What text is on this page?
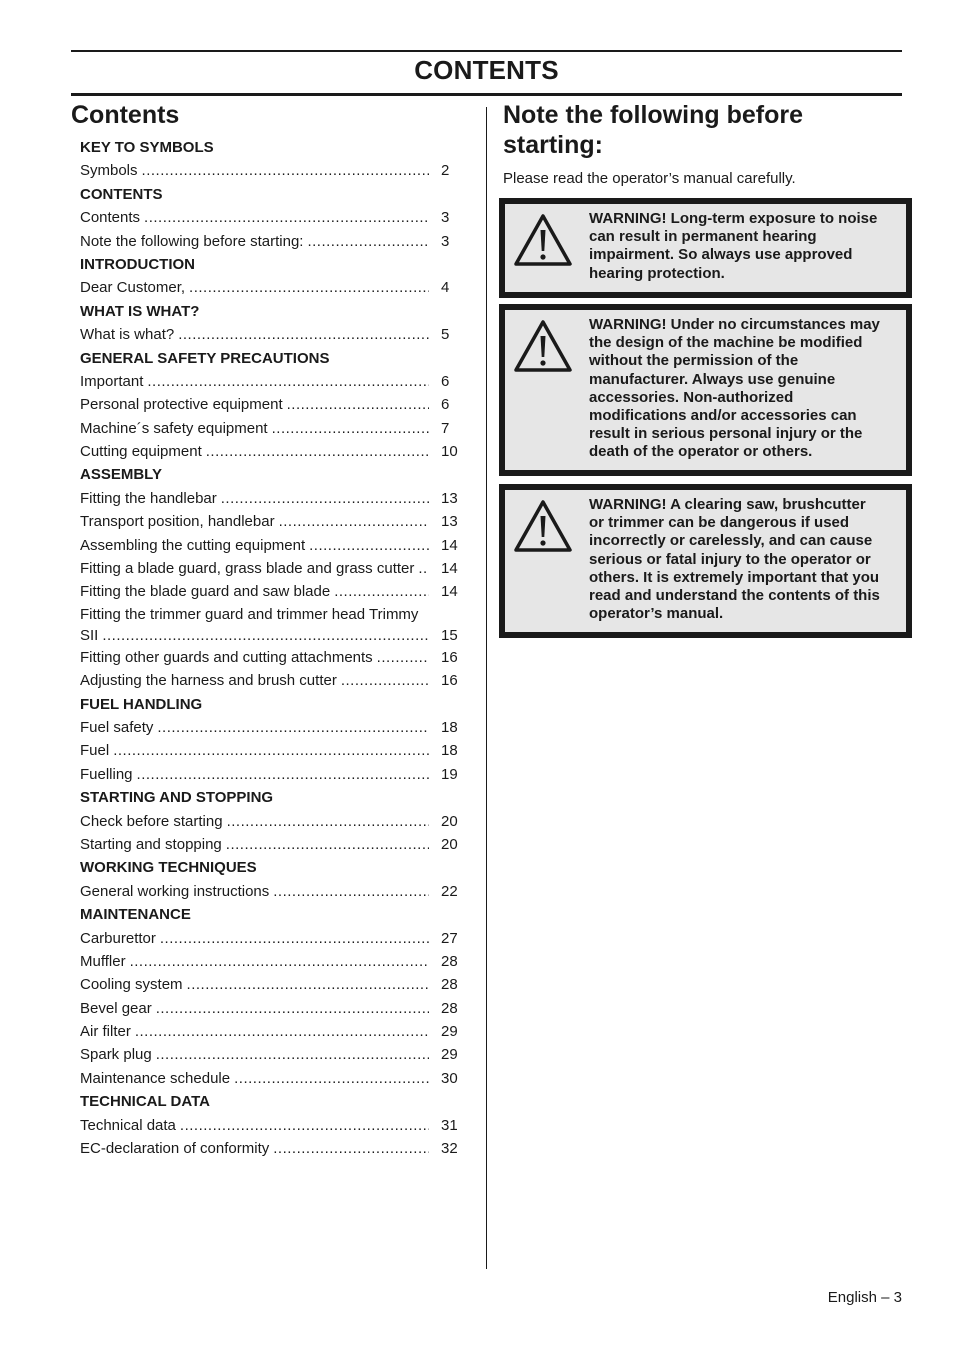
CONTENTS
Contents
KEY TO SYMBOLS
Symbols .....	2
CONTENTS
Contents .....	3
Note the following before starting: .....	3
INTRODUCTION
Dear Customer, .....	4
WHAT IS WHAT?
What is what? .....	5
GENERAL SAFETY PRECAUTIONS
Important .....	6
Personal protective equipment .....	6
Machine´s safety equipment .....	7
Cutting equipment .....	10
ASSEMBLY
Fitting the handlebar .....	13
Transport position, handlebar .....	13
Assembling the cutting equipment .....	14
Fitting a blade guard, grass blade and grass cutter ..... 14
Fitting the blade guard and saw blade .....	14
Fitting the trimmer guard and trimmer head Trimmy
SII .....	15
Fitting other guards and cutting attachments .....	16
Adjusting the harness and brush cutter .....	16
FUEL HANDLING
Fuel safety .....	18
Fuel .....	18
Fuelling .....	19
STARTING AND STOPPING
Check before starting .....	20
Starting and stopping .....	20
WORKING TECHNIQUES
General working instructions .....	22
MAINTENANCE
Carburettor .....	27
Muffler .....	28
Cooling system .....	28
Bevel gear .....	28
Air filter .....	29
Spark plug .....	29
Maintenance schedule .....	30
TECHNICAL DATA
Technical data .....	31
EC-declaration of conformity .....	32
Note the following before
starting:

Please read the operator’s manual carefully.

WARNING! Long-term exposure to noise
can result in permanent hearing
impairment. So always use approved
hearing protection.
WARNING! Under no circumstances may
the design of the machine be modified
without the permission of the
manufacturer. Always use genuine
accessories. Non-authorized
modifications and/or accessories can
result in serious personal injury or the
death of the operator or others.
WARNING! A clearing saw, brushcutter
or trimmer can be dangerous if used
incorrectly or carelessly, and can cause
serious or fatal injury to the operator or
others. It is extremely important that you
read and understand the contents of this
operator’s manual.
English – 3
